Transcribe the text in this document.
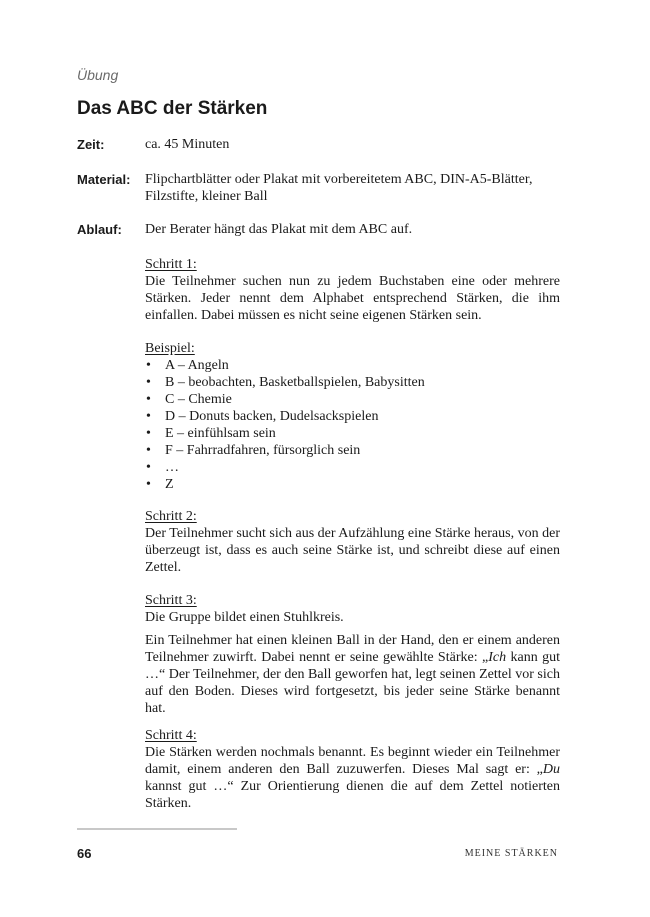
Übung
Das ABC der Stärken
Zeit:	ca. 45 Minuten
Material: Flipchartblätter oder Plakat mit vorbereitetem ABC, DIN-A5-Blätter, Filzstifte, kleiner Ball
Ablauf: Der Berater hängt das Plakat mit dem ABC auf.

Schritt 1:

Die Teilnehmer suchen nun zu jedem Buchstaben eine oder mehrere Stärken. Jeder nennt dem Alphabet entsprechend Stärken, die ihm einfallen. Dabei müssen es nicht seine eigenen Stärken sein.

Beispiel:

• A – Angeln
• B – beobachten, Basketballspielen, Babysitten
• C – Chemie
• D – Donuts backen, Dudelsackspielen
• E – einfühlsam sein
• F – Fahrradfahren, fürsorglich sein
• …
• Z

Schritt 2:

Der Teilnehmer sucht sich aus der Aufzählung eine Stärke heraus, von der überzeugt ist, dass es auch seine Stärke ist, und schreibt diese auf einen Zettel.

Schritt 3:

Die Gruppe bildet einen Stuhlkreis.

Ein Teilnehmer hat einen kleinen Ball in der Hand, den er einem anderen Teilnehmer zuwirft. Dabei nennt er seine gewählte Stärke: „Ich kann gut …“ Der Teilnehmer, der den Ball geworfen hat, legt seinen Zettel vor sich auf den Boden. Dieses wird fortgesetzt, bis jeder seine Stärke benannt hat.

Schritt 4:

Die Stärken werden nochmals benannt. Es beginnt wieder ein Teilnehmer damit, einem anderen den Ball zuzuwerfen. Dieses Mal sagt er: „Du kannst gut …“ Zur Orientierung dienen die auf dem Zettel notierten Stärken.

66	MEINE STÄRKEN
